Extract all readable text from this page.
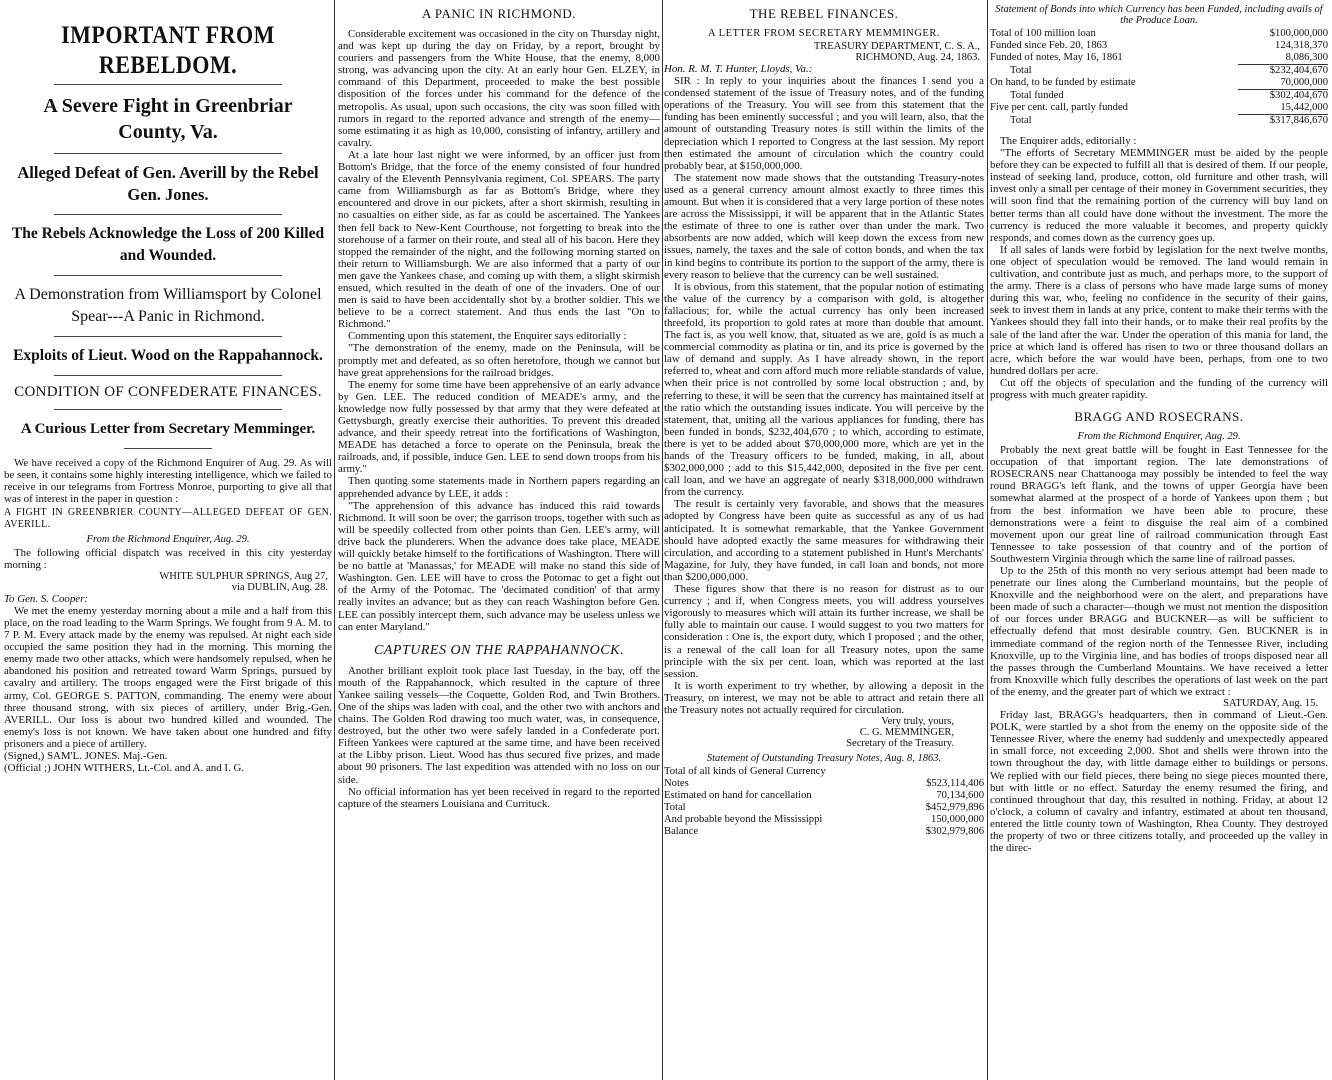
IMPORTANT FROM REBELDOM.
A Severe Fight in Greenbriar County, Va.
Alleged Defeat of Gen. Averill by the Rebel Gen. Jones.
The Rebels Acknowledge the Loss of 200 Killed and Wounded.
A Demonstration from Williamsport by Colonel Spear---A Panic in Richmond.
Exploits of Lieut. Wood on the Rappahannock.
CONDITION OF CONFEDERATE FINANCES.
A Curious Letter from Secretary Memminger.

We have received a copy of the Richmond Enquirer of Aug. 29. As will be seen, it contains some highly interesting intelligence, which we failed to receive in our telegrams from Fortress Monroe, purporting to give all that was of interest in the paper in question :

A FIGHT IN GREENBRIER COUNTY—ALLEGED DEFEAT OF GEN. AVERILL.

From the Richmond Enquirer, Aug. 29.

The following official dispatch was received in this city yesterday morning :

WHITE SULPHUR SPRINGS, Aug 27,
via DUBLIN, Aug. 28.

To Gen. S. Cooper:

We met the enemy yesterday morning about a mile and a half from this place, on the road leading to the Warm Springs. We fought from 9 A. M. to 7 P. M. Every attack made by the enemy was repulsed. At night each side occupied the same position they had in the morning. This morning the enemy made two other attacks, which were handsomely repulsed, when he abandoned his position and retreated toward Warm Springs, pursued by cavalry and artillery. The troops engaged were the First brigade of this army, Col. GEORGE S. PATTON, commanding. The enemy were about three thousand strong, with six pieces of artillery, under Brig.-Gen. AVERILL. Our loss is about two hundred killed and wounded. The enemy's loss is not known. We have taken about one hundred and fifty prisoners and a piece of artillery.

(Signed,) SAM'L. JONES. Maj.-Gen.

(Official ;) JOHN WITHERS, Lt.-Col. and A. and I. G.

A PANIC IN RICHMOND.

Considerable excitement was occasioned in the city on Thursday night, and was kept up during the day on Friday, by a report, brought by couriers and passengers from the White House, that the enemy, 8,000 strong, was advancing upon the city. At an early hour Gen. ELZEY, in command of this Department, proceeded to make the best possible disposition of the forces under his command for the defence of the metropolis. As usual, upon such occasions, the city was soon filled with rumors in regard to the reported advance and strength of the enemy—some estimating it as high as 10,000, consisting of infantry, artillery and cavalry.

At a late hour last night we were informed, by an officer just from Bottom's Bridge, that the force of the enemy consisted of four hundred cavalry of the Eleventh Pennsylvania regiment, Col. SPEARS. The party came from Williamsburgh as far as Bottom's Bridge, where they encountered and drove in our pickets, after a short skirmish, resulting in no casualties on either side, as far as could be ascertained. The Yankees then fell back to New-Kent Courthouse, not forgetting to break into the storehouse of a farmer on their route, and steal all of his bacon. Here they stopped the remainder of the night, and the following morning started on their return to Williamsburgh. We are also informed that a party of our men gave the Yankees chase, and coming up with them, a slight skirmish ensued, which resulted in the death of one of the invaders. One of our men is said to have been accidentally shot by a brother soldier. This we believe to be a correct statement. And thus ends the last "On to Richmond."

Commenting upon this statement, the Enquirer says editorially :

"The demonstration of the enemy, made on the Peninsula, will be promptly met and defeated, as so often heretofore, though we cannot but have great apprehensions for the railroad bridges.

The enemy for some time have been apprehensive of an early advance by Gen. LEE. The reduced condition of MEADE's army, and the knowledge now fully possessed by that army that they were defeated at Gettysburgh, greatly exercise their authorities. To prevent this dreaded advance, and their speedy retreat into the fortifications of Washington, MEADE has detached a force to operate on the Peninsula, break the railroads, and, if possible, induce Gen. LEE to send down troops from his army."

Then quoting some statements made in Northern papers regarding an apprehended advance by LEE, it adds :

"The apprehension of this advance has induced this raid towards Richmond. It will soon be over; the garrison troops, together with such as will be speedily collected from other points than Gen. LEE's army, will drive back the plunderers. When the advance does take place, MEADE will quickly betake himself to the fortifications of Washington. There will be no battle at 'Manassas,' for MEADE will make no stand this side of Washington. Gen. LEE will have to cross the Potomac to get a fight out of the Army of the Potomac. The 'decimated condition' of that army really invites an advance; but as they can reach Washington before Gen. LEE can possibly intercept them, such advance may be useless unless we can enter Maryland."

CAPTURES ON THE RAPPAHANNOCK.

Another brilliant exploit took place last Tuesday, in the bay, off the mouth of the Rappahannock, which resulted in the capture of three Yankee sailing vessels—the Coquette, Golden Rod, and Twin Brothers. One of the ships was laden with coal, and the other two with anchors and chains. The Golden Rod drawing too much water, was, in consequence, destroyed, but the other two were safely landed in a Confederate port. Fifteen Yankees were captured at the same time, and have been received at the Libby prison. Lieut. Wood has thus secured five prizes, and made about 90 prisoners. The last expedition was attended with no loss on our side.

No official information has yet been received in regard to the reported capture of the steamers Louisiana and Currituck.

THE REBEL FINANCES.
A LETTER FROM SECRETARY MEMMINGER.
TREASURY DEPARTMENT, C. S. A.,
RICHMOND, Aug. 24, 1863.

Hon. R. M. T. Hunter, Lloyds, Va.:

SIR : In reply to your inquiries about the finances I send you a condensed statement of the issue of Treasury notes, and of the funding operations of the Treasury. You will see from this statement that the funding has been eminently successful ; and you will learn, also, that the amount of outstanding Treasury notes is still within the limits of the depreciation which I reported to Congress at the last session. My report then estimated the amount of circulation which the country could probably bear, at $150,000,000.

The statement now made shows that the outstanding Treasury-notes used as a general currency amount almost exactly to three times this amount. But when it is considered that a very large portion of these notes are across the Mississippi, it will be apparent that in the Atlantic States the estimate of three to one is rather over than under the mark. Two absorbents are now added, which will keep down the excess from new issues, namely, the taxes and the sale of cotton bonds, and when the tax in kind begins to contribute its portion to the support of the army, there is every reason to believe that the currency can be well sustained.

It is obvious, from this statement, that the popular notion of estimating the value of the currency by a comparison with gold, is altogether fallacious; for, while the actual currency has only been increased threefold, its proportion to gold rates at more than double that amount. The fact is, as you well know, that, situated as we are, gold is as much a commercial commodity as platina or tin, and its price is governed by the law of demand and supply. As I have already shown, in the report referred to, wheat and corn afford much more reliable standards of value, when their price is not controlled by some local obstruction ; and, by referring to these, it will be seen that the currency has maintained itself at the ratio which the outstanding issues indicate. You will perceive by the statement, that, uniting all the various appliances for funding, there has been funded in bonds, $232,404,670 ; to which, according to estimate, there is yet to be added about $70,000,000 more, which are yet in the hands of the Treasury officers to be funded, making, in all, about $302,000,000 ; add to this $15,442,000, deposited in the five per cent. call loan, and we have an aggregate of nearly $318,000,000 withdrawn from the currency.

The result is certainly very favorable, and shows that the measures adopted by Congress have been quite as successful as any of us had anticipated. It is somewhat remarkable, that the Yankee Government should have adopted exactly the same measures for withdrawing their circulation, and according to a statement published in Hunt's Merchants' Magazine, for July, they have funded, in call loan and bonds, not more than $200,000,000.

These figures show that there is no reason for distrust as to our currency ; and if, when Congress meets, you will address yourselves vigorously to measures which will attain its further increase, we shall be fully able to maintain our cause. I would suggest to you two matters for consideration : One is, the export duty, which I proposed ; and the other, is a renewal of the call loan for all Treasury notes, upon the same principle with the six per cent. loan, which was reported at the last session.

It is worth experiment to try whether, by allowing a deposit in the Treasury, on interest, we may not be able to attract and retain there all the Treasury notes not actually required for circulation.

Very truly, yours,
C. G. MEMMINGER,
Secretary of the Treasury.
Statement of Outstanding Treasury Notes, Aug. 8, 1863.
Total of all kinds of General Currency
Notes	$523,114,406
Estimated on hand for cancellation	70,134,600
Total	$452,979,896
And probable beyond the Mississippi	150,000,000
Balance	$302,979,806
Statement of Bonds into which Currency has been Funded, including avails of the Produce Loan.
Total of 100 million loan	$100,000,000
Funded since Feb. 20, 1863	124,318,370
Funded of notes, May 16, 1861	8,086,300
Total	$232,404,670
On hand, to be funded by estimate	70,000,000
Total funded	$302,404,670
Five per cent. call, partly funded	15,442,000
Total	$317,846,670

The Enquirer adds, editorially :

"The efforts of Secretary MEMMINGER must be aided by the people before they can be expected to fulfill all that is desired of them. If our people, instead of seeking land, produce, cotton, old furniture and other trash, will invest only a small per centage of their money in Government securities, they will soon find that the remaining portion of the currency will buy land on better terms than all could have done without the investment. The more the currency is reduced the more valuable it becomes, and property quickly responds, and comes down as the currency goes up.

If all sales of lands were forbid by legislation for the next twelve months, one object of speculation would be removed. The land would remain in cultivation, and contribute just as much, and perhaps more, to the support of the army. There is a class of persons who have made large sums of money during this war, who, feeling no confidence in the security of their gains, seek to invest them in lands at any price, content to make their terms with the Yankees should they fall into their hands, or to make their real profits by the sale of the land after the war. Under the operation of this mania for land, the price at which land is offered has risen to two or three thousand dollars an acre, which before the war would have been, perhaps, from one to two hundred dollars per acre.

Cut off the objects of speculation and the funding of the currency will progress with much greater rapidity.

BRAGG AND ROSECRANS.
From the Richmond Enquirer, Aug. 29.

Probably the next great battle will be fought in East Tennessee for the occupation of that important region. The late demonstrations of ROSECRANS near Chattanooga may possibly be intended to feel the way round BRAGG's left flank, and the towns of upper Georgia have been somewhat alarmed at the prospect of a horde of Yankees upon them ; but from the best information we have been able to procure, these demonstrations were a feint to disguise the real aim of a combined movement upon our great line of railroad communication through East Tennessee to take possession of that country and of the portion of Southwestern Virginia through which the same line of railroad passes.

Up to the 25th of this month no very serious attempt had been made to penetrate our lines along the Cumberland mountains, but the people of Knoxville and the neighborhood were on the alert, and preparations have been made of such a character—though we must not mention the disposition of our forces under BRAGG and BUCKNER—as will be sufficient to effectually defend that most desirable country. Gen. BUCKNER is in immediate command of the region north of the Tennessee River, including Knoxville, up to the Virginia line, and has bodies of troops disposed near all the passes through the Cumberland Mountains. We have received a letter from Knoxville which fully describes the operations of last week on the part of the enemy, and the greater part of which we extract :

SATURDAY, Aug. 15.

Friday last, BRAGG's headquarters, then in command of Lieut.-Gen. POLK, were startled by a shot from the enemy on the opposite side of the Tennessee River, where the enemy had suddenly and unexpectedly appeared in small force, not exceeding 2,000. Shot and shells were thrown into the town throughout the day, with little damage either to buildings or persons. We replied with our field pieces, there being no siege pieces mounted there, but with little or no effect. Saturday the enemy resumed the firing, and continued throughout that day, this resulted in nothing. Friday, at about 12 o'clock, a column of cavalry and infantry, estimated at about ten thousand, entered the little county town of Washington, Rhea County. They destroyed the property of two or three citizens totally, and proceeded up the valley in the direc-
